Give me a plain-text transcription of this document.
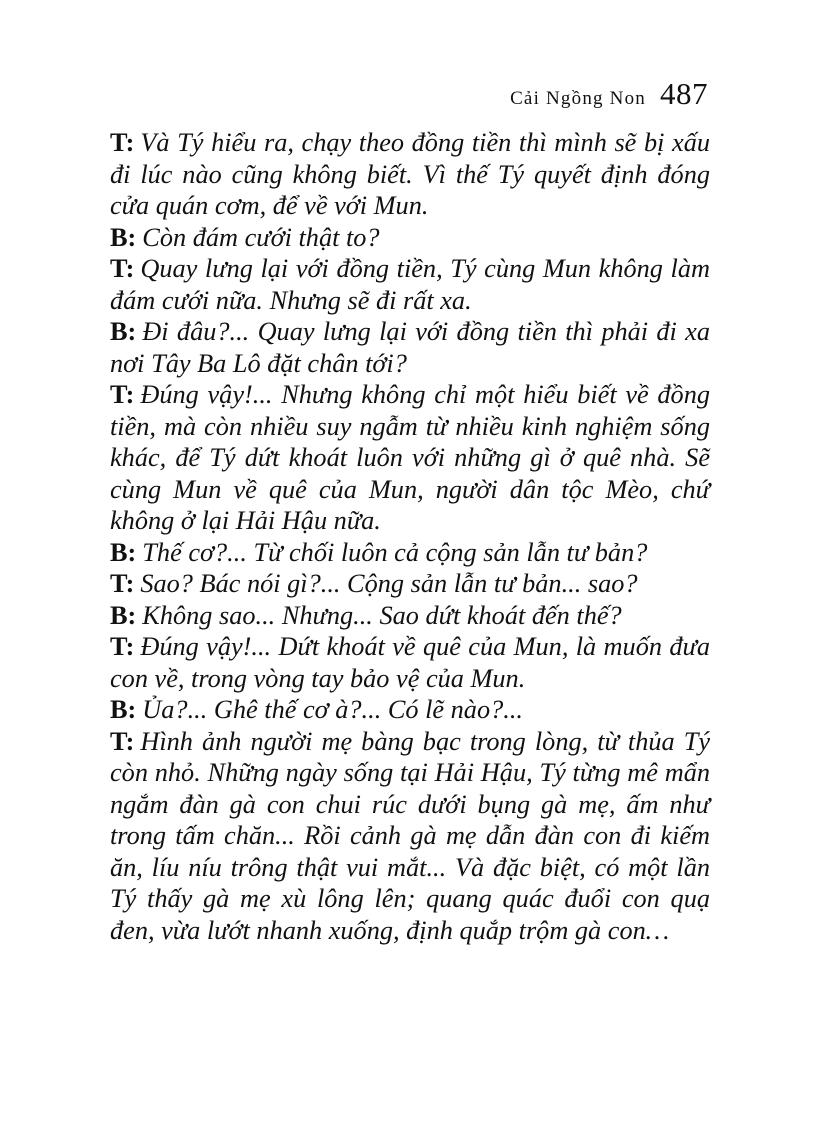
Cải Ngồng Non 487

T: Và Tý hiểu ra, chạy theo đồng tiền thì mình sẽ bị xấu đi lúc nào cũng không biết. Vì thế Tý quyết định đóng cửa quán cơm, để về với Mun.

B: Còn đám cưới thật to?

T: Quay lưng lại với đồng tiền, Tý cùng Mun không làm đám cưới nữa. Nhưng sẽ đi rất xa.

B: Đi đâu?... Quay lưng lại với đồng tiền thì phải đi xa nơi Tây Ba Lô đặt chân tới?

T: Đúng vậy!... Nhưng không chỉ một hiểu biết về đồng tiền, mà còn nhiều suy ngẫm từ nhiều kinh nghiệm sống khác, để Tý dứt khoát luôn với những gì ở quê nhà. Sẽ cùng Mun về quê của Mun, người dân tộc Mèo, chứ không ở lại Hải Hậu nữa.

B: Thế cơ?... Từ chối luôn cả cộng sản lẫn tư bản?

T: Sao? Bác nói gì?... Cộng sản lẫn tư bản... sao?

B: Không sao... Nhưng... Sao dứt khoát đến thế?

T: Đúng vậy!... Dứt khoát về quê của Mun, là muốn đưa con về, trong vòng tay bảo vệ của Mun.

B: Ủa?... Ghê thế cơ à?... Có lẽ nào?...

T: Hình ảnh người mẹ bàng bạc trong lòng, từ thủa Tý còn nhỏ. Những ngày sống tại Hải Hậu, Tý từng mê mẩn ngắm đàn gà con chui rúc dưới bụng gà mẹ, ấm như trong tấm chăn... Rồi cảnh gà mẹ dẫn đàn con đi kiếm ăn, líu níu trông thật vui mắt... Và đặc biệt, có một lần Tý thấy gà mẹ xù lông lên; quang quác đuổi con quạ đen, vừa lướt nhanh xuống, định quắp trộm gà con…
